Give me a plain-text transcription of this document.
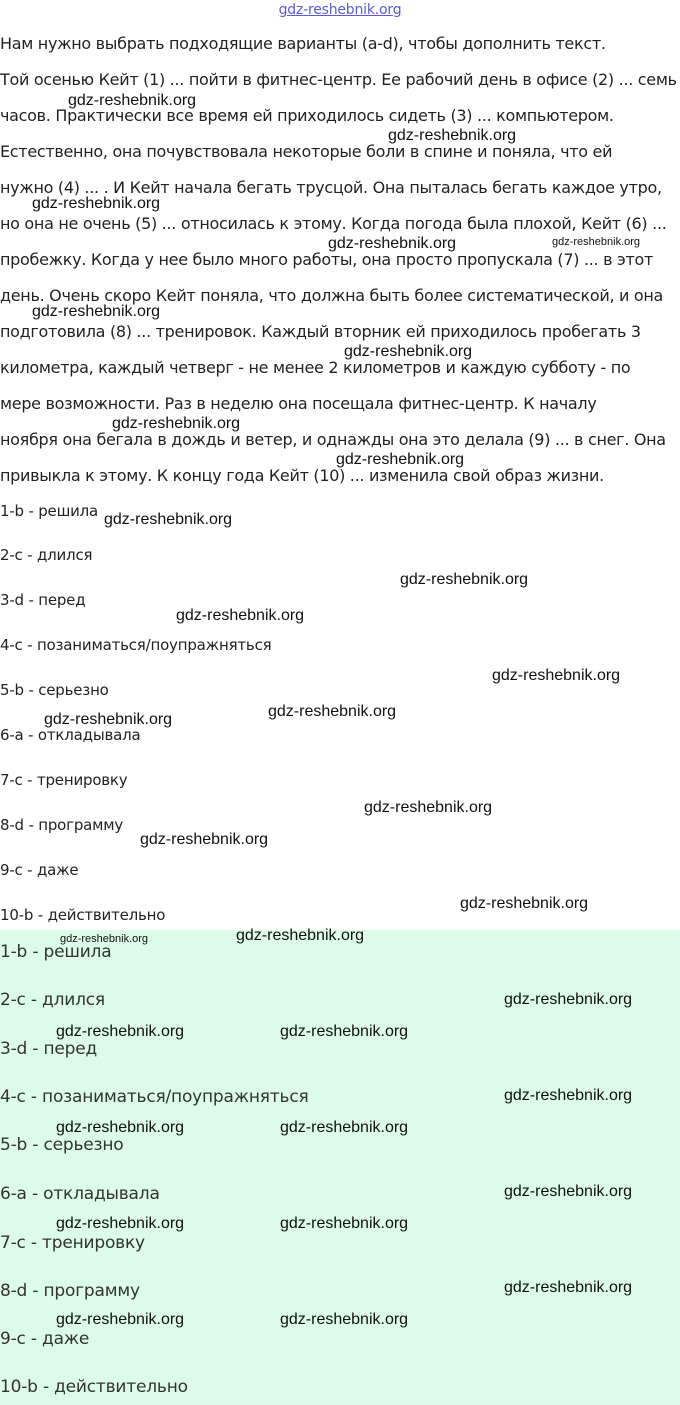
gdz-reshebnik.org

Нам нужно выбрать подходящие варианты (a-d), чтобы дополнить текст.

Той осенью Кейт (1) ... пойти в фитнес-центр. Ее рабочий день в офисе (2) ... семь

часов. Практически все время ей приходилось сидеть (3) ... компьютером.

Естественно, она почувствовала некоторые боли в спине и поняла, что ей

нужно (4) ... . И Кейт начала бегать трусцой. Она пыталась бегать каждое утро,

но она не очень (5) ... относилась к этому. Когда погода была плохой, Кейт (6) ...

пробежку. Когда у нее было много работы, она просто пропускала (7) ... в этот

день. Очень скоро Кейт поняла, что должна быть более систематической, и она

подготовила (8) ... тренировок. Каждый вторник ей приходилось пробегать 3

километра, каждый четверг - не менее 2 километров и каждую субботу - по

мере возможности. Раз в неделю она посещала фитнес-центр. К началу

ноября она бегала в дождь и ветер, и однажды она это делала (9) ... в снег. Она

привыкла к этому. К концу года Кейт (10) ... изменила свой образ жизни.

1-b - решила

2-c - длился

3-d - перед

4-c - позаниматься/поупражняться

5-b - серьезно

6-a - откладывала

7-c - тренировку

8-d - программу

9-c - даже

10-b - действительно

1-b - решила

2-c - длился

3-d - перед

4-c - позаниматься/поупражняться

5-b - серьезно

6-a - откладывала

7-c - тренировку

8-d - программу

9-c - даже

10-b - действительно

gdz-reshebnik.org
gdz-reshebnik.org
gdz-reshebnik.org
gdz-reshebnik.org	gdz-reshebnik.org
gdz-reshebnik.org
gdz-reshebnik.org
gdz-reshebnik.org
gdz-reshebnik.org
gdz-reshebnik.org
gdz-reshebnik.org
gdz-reshebnik.org
gdz-reshebnik.org
gdz-reshebnik.org
gdz-reshebnik.org
gdz-reshebnik.org
gdz-reshebnik.org
gdz-reshebnik.org
gdz-reshebnik.org	gdz-reshebnik.org
gdz-reshebnik.org
gdz-reshebnik.org	gdz-reshebnik.org
gdz-reshebnik.org
gdz-reshebnik.org	gdz-reshebnik.org
gdz-reshebnik.org
gdz-reshebnik.org	gdz-reshebnik.org
gdz-reshebnik.org
gdz-reshebnik.org	gdz-reshebnik.org
